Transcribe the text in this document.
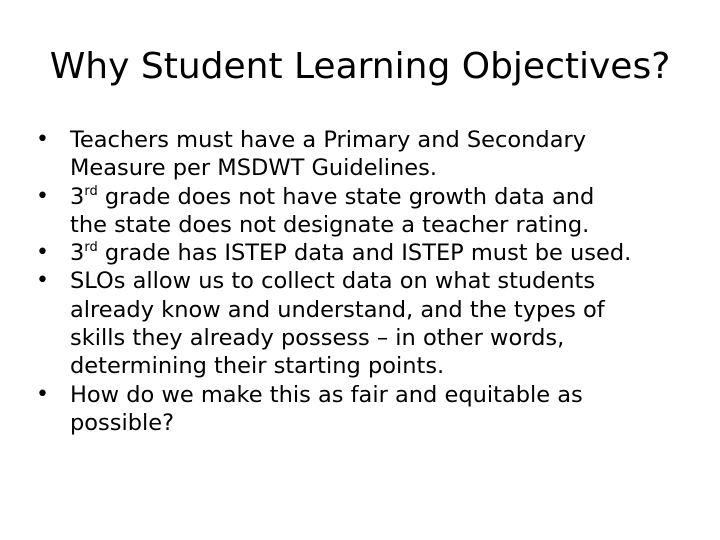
Why Student Learning Objectives?
• Teachers must have a Primary and Secondary
Measure per MSDWT Guidelines.
• 3rd grade does not have state growth data and
the state does not designate a teacher rating.
• 3rd grade has ISTEP data and ISTEP must be used.
• SLOs allow us to collect data on what students
already know and understand, and the types of
skills they already possess – in other words,
determining their starting points.
• How do we make this as fair and equitable as
possible?
